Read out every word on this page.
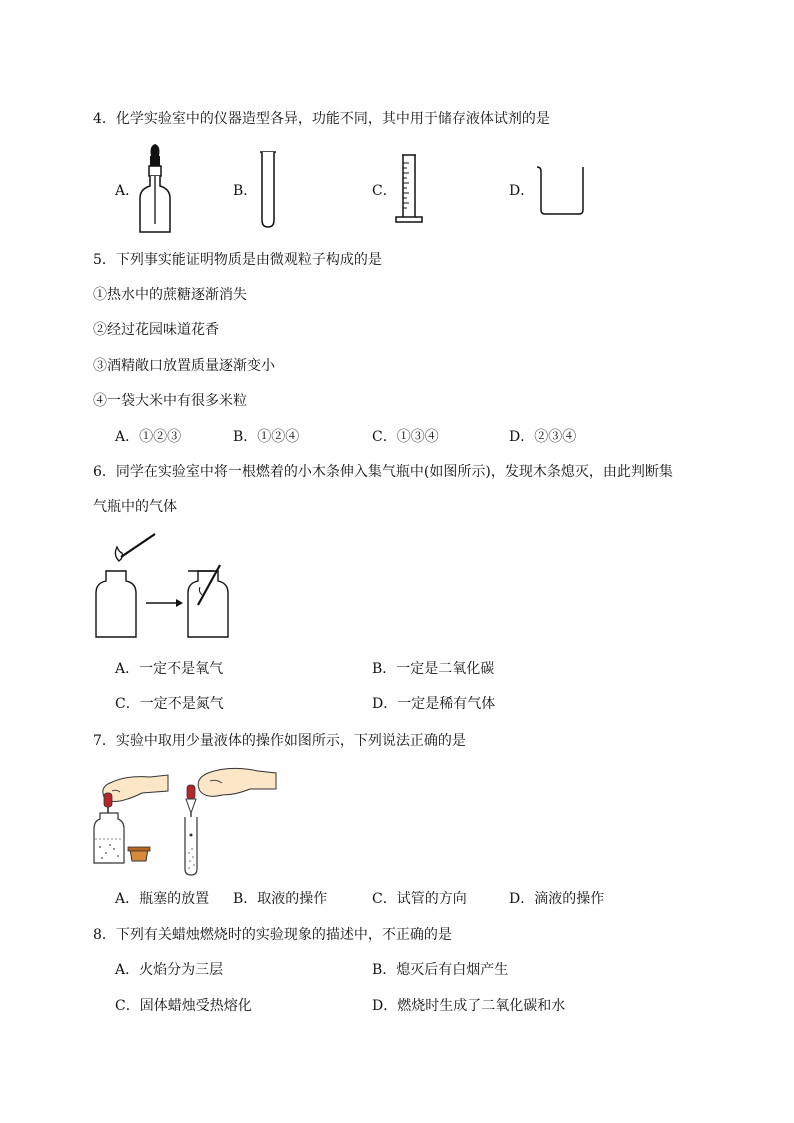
4．化学实验室中的仪器造型各异，功能不同，其中用于储存液体试剂的是
A．	B．	C．	D．
5．下列事实能证明物质是由微观粒子构成的是
①热水中的蔗糖逐渐消失
②经过花园味道花香
③酒精敞口放置质量逐渐变小
④一袋大米中有很多米粒
A．①②③	B．①②④	C．①③④	D．②③④
6．同学在实验室中将一根燃着的小木条伸入集气瓶中(如图所示)，发现木条熄灭，由此判断集
气瓶中的气体
A．一定不是氧气	B．一定是二氧化碳
C．一定不是氮气	D．一定是稀有气体
7．实验中取用少量液体的操作如图所示，下列说法正确的是
A．瓶塞的放置 B．取液的操作	C．试管的方向	D．滴液的操作
8．下列有关蜡烛燃烧时的实验现象的描述中，不正确的是
A．火焰分为三层	B．熄灭后有白烟产生
C．固体蜡烛受热熔化	D．燃烧时生成了二氧化碳和水
